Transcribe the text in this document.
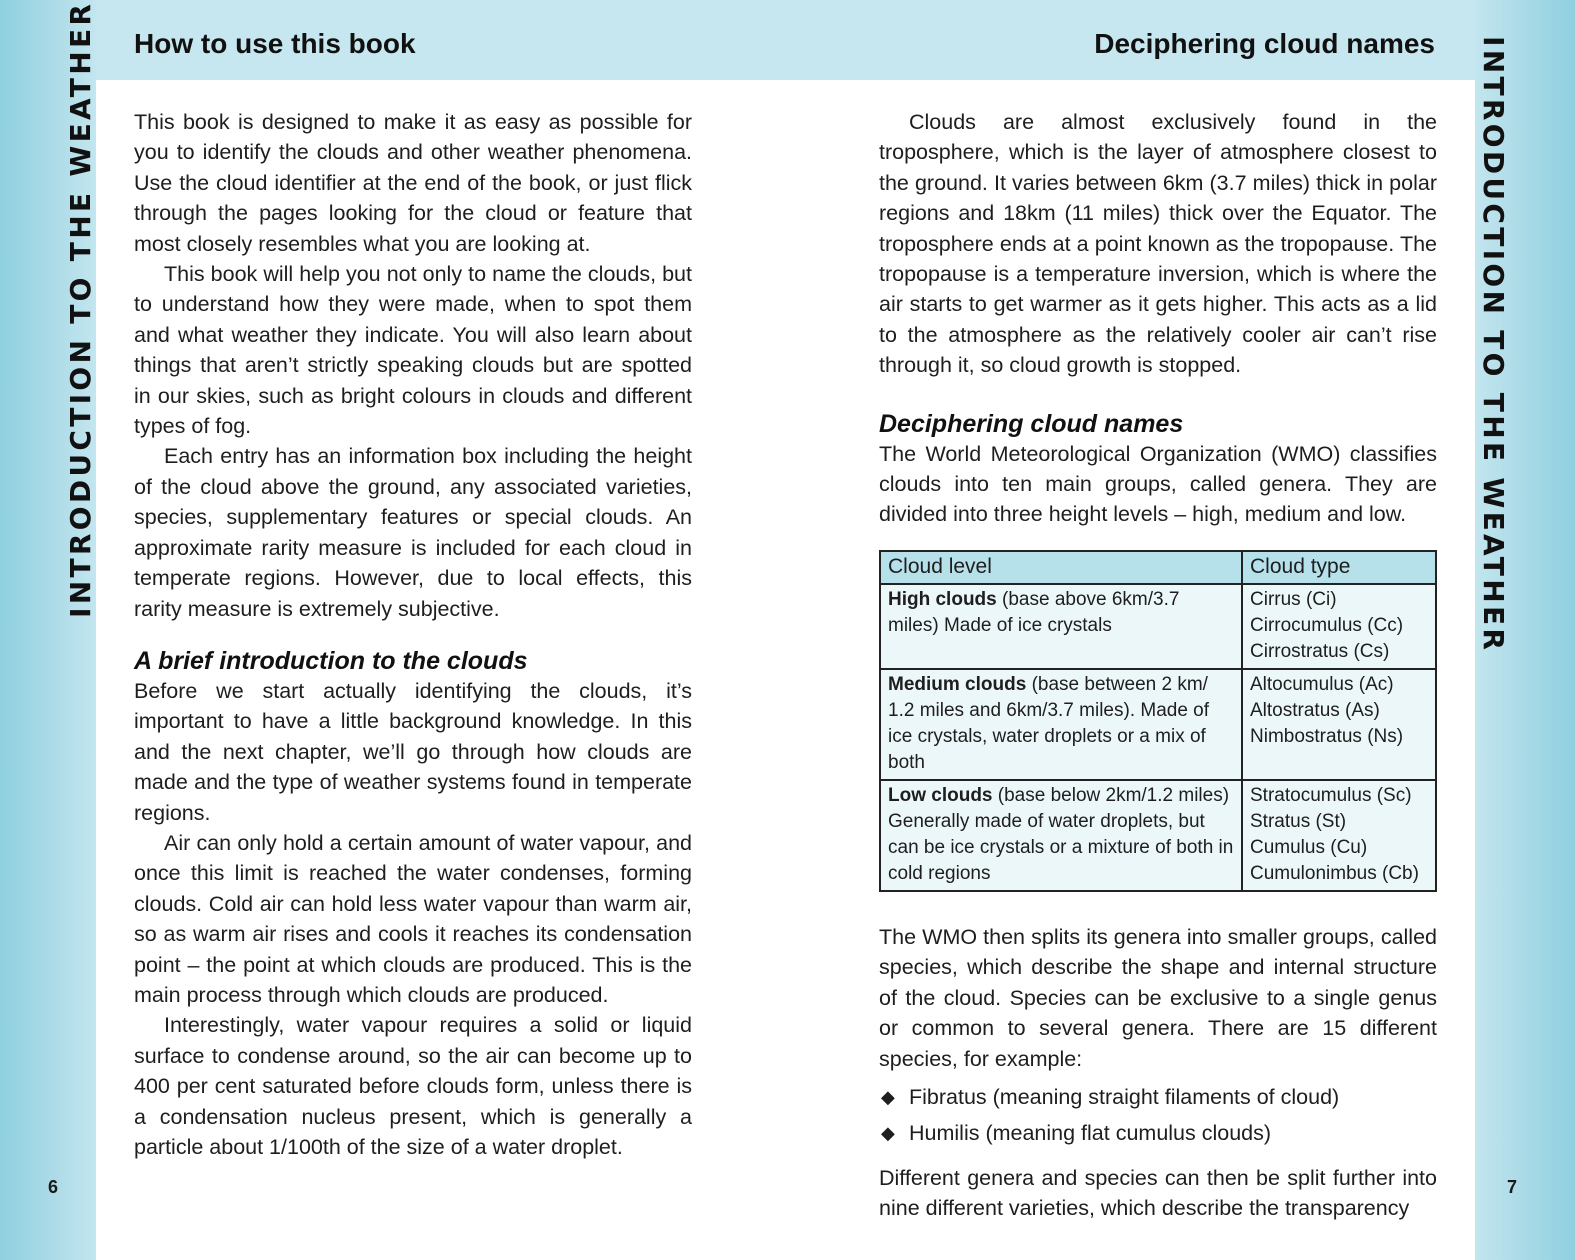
How to use this book	Deciphering cloud names
INTRODUCTION TO THE WEATHER	INTRODUCTION TO THE WEATHER
6	7

This book is designed to make it as easy as possible for you to identify the clouds and other weather phenomena. Use the cloud identifier at the end of the book, or just flick through the pages looking for the cloud or feature that most closely resembles what you are looking at.

This book will help you not only to name the clouds, but to understand how they were made, when to spot them and what weather they indicate. You will also learn about things that aren’t strictly speaking clouds but are spotted in our skies, such as bright colours in clouds and different types of fog.

Each entry has an information box including the height of the cloud above the ground, any associated varieties, species, supplementary features or special clouds. An approximate rarity measure is included for each cloud in temperate regions. However, due to local effects, this rarity measure is extremely subjective.

A brief introduction to the clouds

Before we start actually identifying the clouds, it’s important to have a little background knowledge. In this and the next chapter, we’ll go through how clouds are made and the type of weather systems found in temperate regions.

Air can only hold a certain amount of water vapour, and once this limit is reached the water condenses, forming clouds. Cold air can hold less water vapour than warm air, so as warm air rises and cools it reaches its condensation point – the point at which clouds are produced. This is the main process through which clouds are produced.

Interestingly, water vapour requires a solid or liquid surface to condense around, so the air can become up to 400 per cent saturated before clouds form, unless there is a condensation nucleus present, which is generally a particle about 1/100th of the size of a water droplet.

Clouds are almost exclusively found in the troposphere, which is the layer of atmosphere closest to the ground. It varies between 6km (3.7 miles) thick in polar regions and 18km (11 miles) thick over the Equator. The troposphere ends at a point known as the tropopause. The tropopause is a temperature inversion, which is where the air starts to get warmer as it gets higher. This acts as a lid to the atmosphere as the relatively cooler air can’t rise through it, so cloud growth is stopped.

Deciphering cloud names

The World Meteorological Organization (WMO) classifies clouds into ten main groups, called genera. They are divided into three height levels – high, medium and low.

Cloud level	Cloud type
High clouds (base above 6km/3.7 miles) Made of ice crystals	Cirrus (Ci)
Cirrocumulus (Cc)
Cirrostratus (Cs)

Medium clouds (base between 2 km/ 1.2 miles and 6km/3.7 miles). Made of ice crystals, water droplets or a mix of both	Altocumulus (Ac)
Altostratus (As)
Nimbostratus (Ns)

Low clouds (base below 2km/1.2 miles) Generally made of water droplets, but can be ice crystals or a mixture of both in cold regions	Stratocumulus (Sc)
Stratus (St)
Cumulus (Cu)
Cumulonimbus (Cb)

The WMO then splits its genera into smaller groups, called species, which describe the shape and internal structure of the cloud. Species can be exclusive to a single genus or common to several genera. There are 15 different species, for example:

◆ Fibratus (meaning straight filaments of cloud)
◆ Humilis (meaning flat cumulus clouds)

Different genera and species can then be split further into nine different varieties, which describe the transparency
